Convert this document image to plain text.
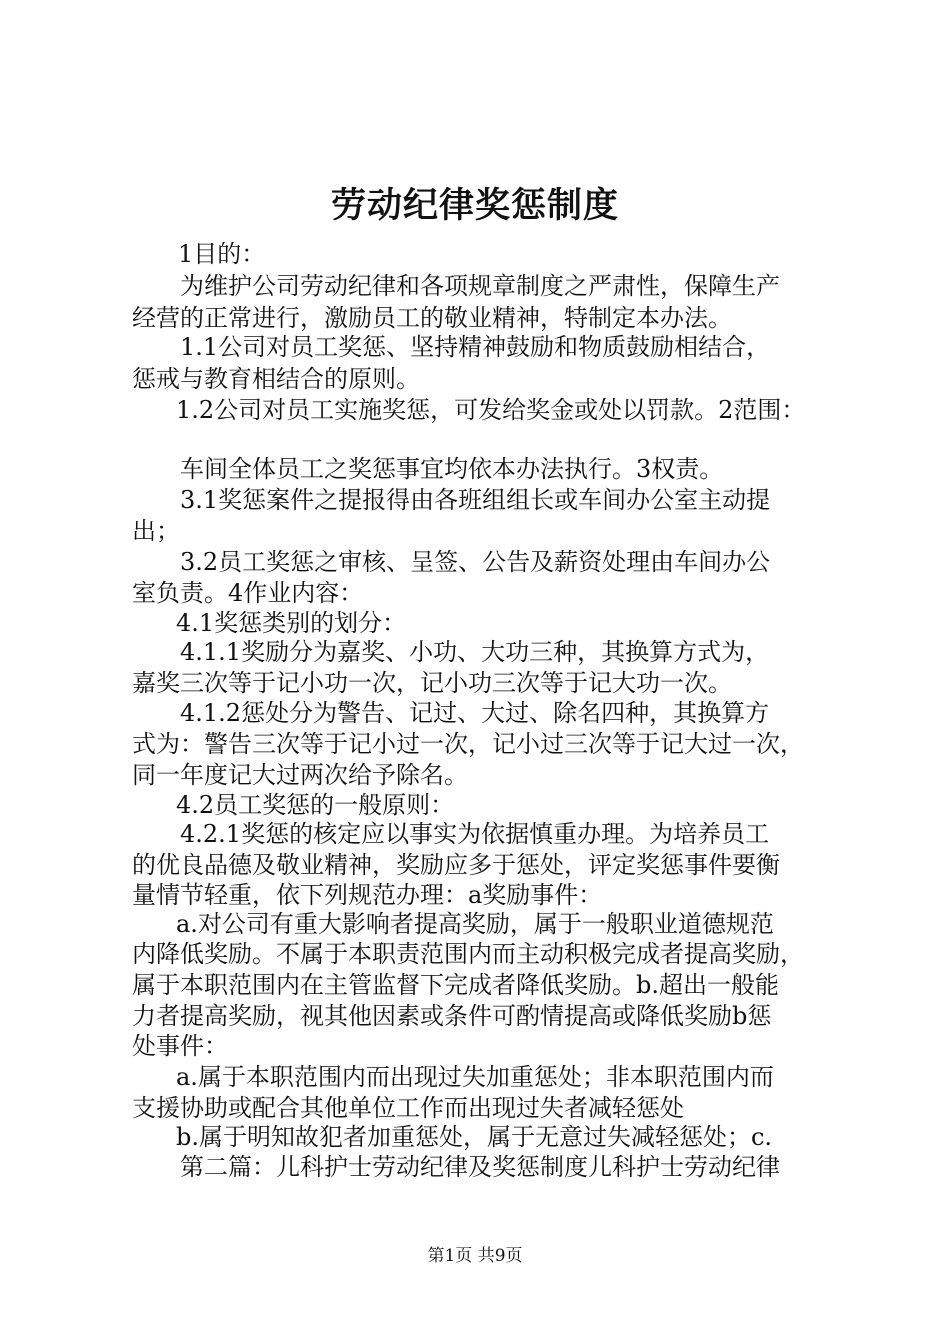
劳动纪律奖惩制度

1目的：

为维护公司劳动纪律和各项规章制度之严肃性，保障生产

经营的正常进行，激励员工的敬业精神，特制定本办法。

1.1公司对员工奖惩、坚持精神鼓励和物质鼓励相结合，

惩戒与教育相结合的原则。

1.2公司对员工实施奖惩，可发给奖金或处以罚款。2范围：

车间全体员工之奖惩事宜均依本办法执行。3权责。

3.1奖惩案件之提报得由各班组组长或车间办公室主动提

出；

3.2员工奖惩之审核、呈签、公告及薪资处理由车间办公

室负责。4作业内容：

4.1奖惩类别的划分：

4.1.1奖励分为嘉奖、小功、大功三种，其换算方式为，

嘉奖三次等于记小功一次，记小功三次等于记大功一次。

4.1.2惩处分为警告、记过、大过、除名四种，其换算方

式为：警告三次等于记小过一次，记小过三次等于记大过一次，

同一年度记大过两次给予除名。

4.2员工奖惩的一般原则：

4.2.1奖惩的核定应以事实为依据慎重办理。为培养员工

的优良品德及敬业精神，奖励应多于惩处，评定奖惩事件要衡

量情节轻重，依下列规范办理：a奖励事件：

a.对公司有重大影响者提高奖励，属于一般职业道德规范

内降低奖励。不属于本职责范围内而主动积极完成者提高奖励，

属于本职范围内在主管监督下完成者降低奖励。b.超出一般能

力者提高奖励，视其他因素或条件可酌情提高或降低奖励b惩

处事件：

a.属于本职范围内而出现过失加重惩处；非本职范围内而

支援协助或配合其他单位工作而出现过失者减轻惩处

b.属于明知故犯者加重惩处，属于无意过失减轻惩处；c.

第二篇：儿科护士劳动纪律及奖惩制度儿科护士劳动纪律

第1页 共9页
